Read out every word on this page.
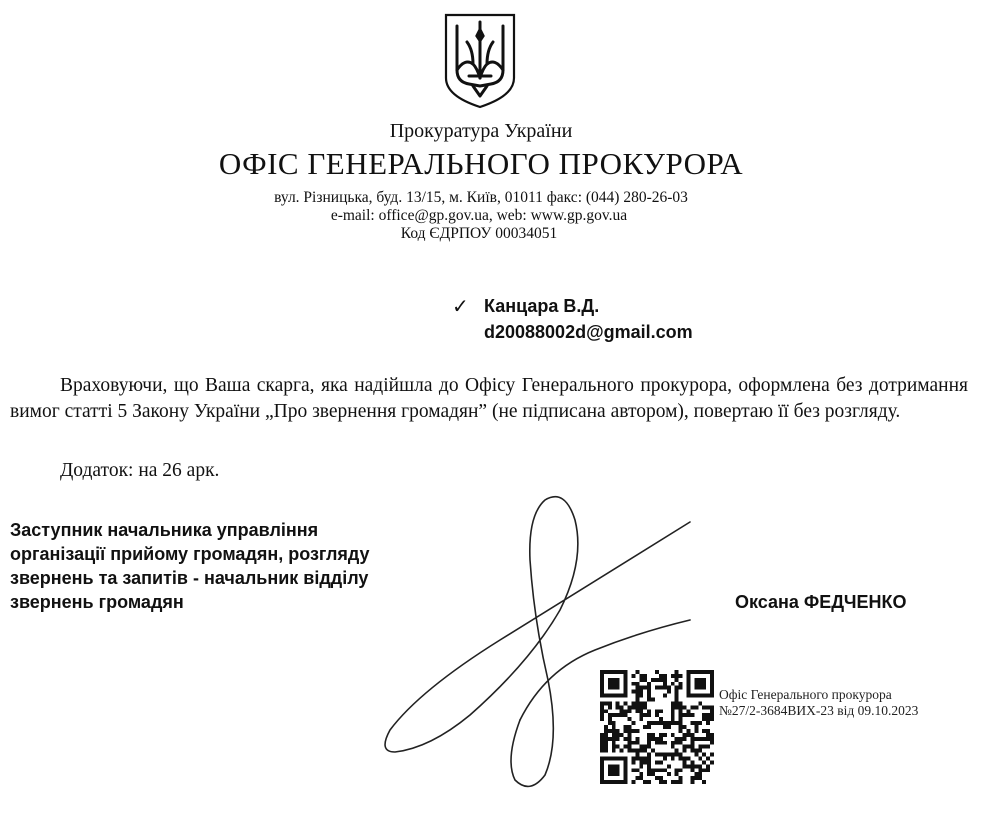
Прокуратура України
ОФІС ГЕНЕРАЛЬНОГО ПРОКУРОРА
вул. Різницька, буд. 13/15, м. Київ, 01011 факс: (044) 280-26-03
e-mail: office@gp.gov.ua, web: www.gp.gov.ua
Код ЄДРПОУ 00034051
✓ Канцара В.Д.
d20088002d@gmail.com

Враховуючи, що Ваша скарга, яка надійшла до Офісу Генерального прокурора, оформлена без дотримання вимог статті 5 Закону України „Про звернення громадян” (не підписана автором), повертаю її без розгляду.

Додаток: на 26 арк.
Заступник начальника управління
організації прийому громадян, розгляду
звернень та запитів - начальник відділу
звернень громадян	Оксана ФЕДЧЕНКО
Офіс Генерального прокурора
№27/2-3684ВИХ-23 від 09.10.2023
